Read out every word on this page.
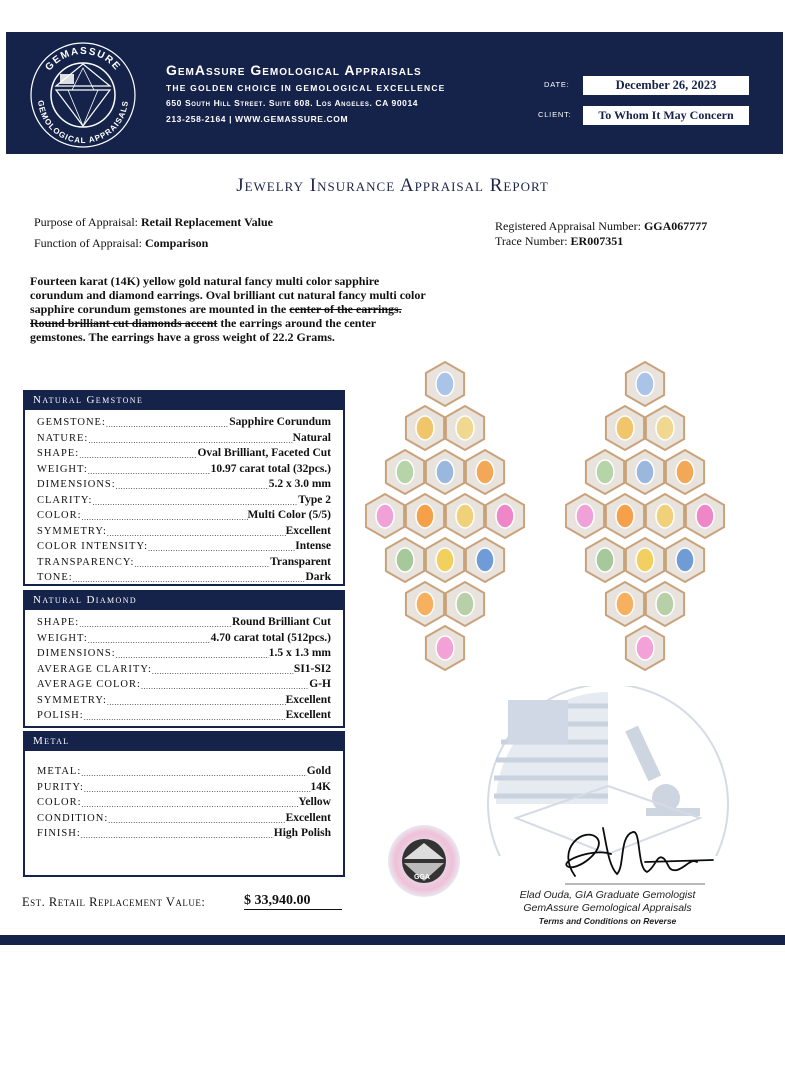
GEMASSURE
GEMOLOGICAL APPRAISALS
GemAssure Gemological Appraisals
THE GOLDEN CHOICE IN GEMOLOGICAL EXCELLENCE
650 South Hill Street. Suite 608. Los Angeles. CA 90014
213-258-2164 | WWW.GEMASSURE.COM
DATE:	December 26, 2023
CLIENT:	To Whom It May Concern
Jewelry Insurance Appraisal Report
Purpose of Appraisal: Retail Replacement Value
Function of Appraisal: Comparison
Registered Appraisal Number: GGA067777
Trace Number: ER007351
Fourteen karat (14K) yellow gold natural fancy multi color sapphire corundum and diamond earrings. Oval brilliant cut natural fancy multi color sapphire corundum gemstones are mounted in the center of the earrings. Round brilliant cut diamonds accent the earrings around the center gemstones. The earrings have a gross weight of 22.2 Grams.
Natural Gemstone
GEMSTONE: .....	Sapphire Corundum
NATURE: .....	Natural
SHAPE: .....	Oval Brilliant, Faceted Cut
WEIGHT: .....	10.97 carat total (32pcs.)
DIMENSIONS: .....	5.2 x 3.0 mm
CLARITY: .....	Type 2
COLOR: .....	Multi Color (5/5)
SYMMETRY: .....	Excellent
COLOR INTENSITY: .....	Intense
TRANSPARENCY: .....	Transparent
TONE: .....	Dark
Natural Diamond
SHAPE: .....	Round Brilliant Cut
WEIGHT: .....	4.70 carat total (512pcs.)
DIMENSIONS: .....	1.5 x 1.3 mm
AVERAGE CLARITY: .....	SI1-SI2
AVERAGE COLOR: .....	G-H
SYMMETRY: .....	Excellent
POLISH: .....	Excellent
Metal
METAL: .....	Gold
PURITY: .....	14K
COLOR: .....	Yellow
CONDITION: .....	Excellent
FINISH: .....	High Polish
Est. Retail Replacement Value:	$ 33,940.00
GGA
Elad Ouda, GIA Graduate Gemologist
GemAssure Gemological Appraisals
Terms and Conditions on Reverse
